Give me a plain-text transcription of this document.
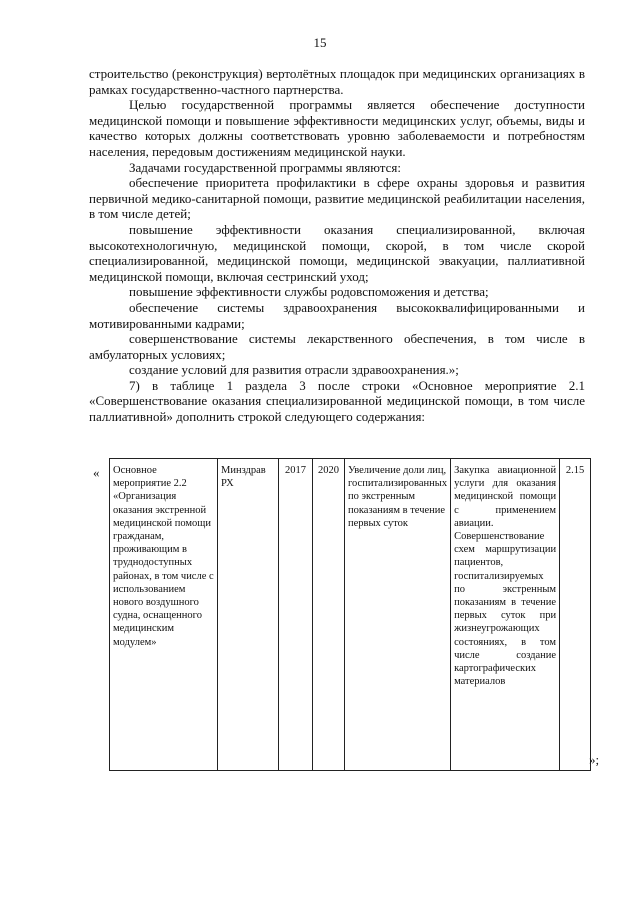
15

строительство (реконструкция) вертолётных площадок при медицинских организациях в рамках государственно-частного партнерства.

Целью государственной программы является обеспечение доступности медицинской помощи и повышение эффективности медицинских услуг, объемы, виды и качество которых должны соответствовать уровню заболеваемости и потребностям населения, передовым достижениям медицинской науки.

Задачами государственной программы являются:

обеспечение приоритета профилактики в сфере охраны здоровья и развития первичной медико-санитарной помощи, развитие медицинской реабилитации населения, в том числе детей;

повышение эффективности оказания специализированной, включая высокотехнологичную, медицинской помощи, скорой, в том числе скорой специализированной, медицинской помощи, медицинской эвакуации, паллиативной медицинской помощи, включая сестринский уход;

повышение эффективности службы родовспоможения и детства;

обеспечение системы здравоохранения высококвалифицированными и мотивированными кадрами;

совершенствование системы лекарственного обеспечения, в том числе в амбулаторных условиях;

создание условий для развития отрасли здравоохранения.»;

7) в таблице 1 раздела 3 после строки «Основное мероприятие 2.1 «Совершенствование оказания специализированной медицинской помощи, в том числе паллиативной» дополнить строкой следующего содержания:

« Основное мероприятие 2.2 «Организация оказания экстренной медицинской помощи гражданам, проживающим в труднодоступных районах, в том числе с использованием нового воздушного судна, оснащенного медицинским модулем»	Минздрав РХ	2017	2020	Увеличение доли лиц, госпитализированных по экстренным показаниям в течение первых суток	Закупка авиационной услуги для оказания медицинской помощи с применением авиации. Совершенствование схем маршрутизации пациентов, госпитализируемых по экстренным показаниям в течение первых суток при жизнеугрожающих состояниях, в том числе создание картографических материалов	2.15
»;
